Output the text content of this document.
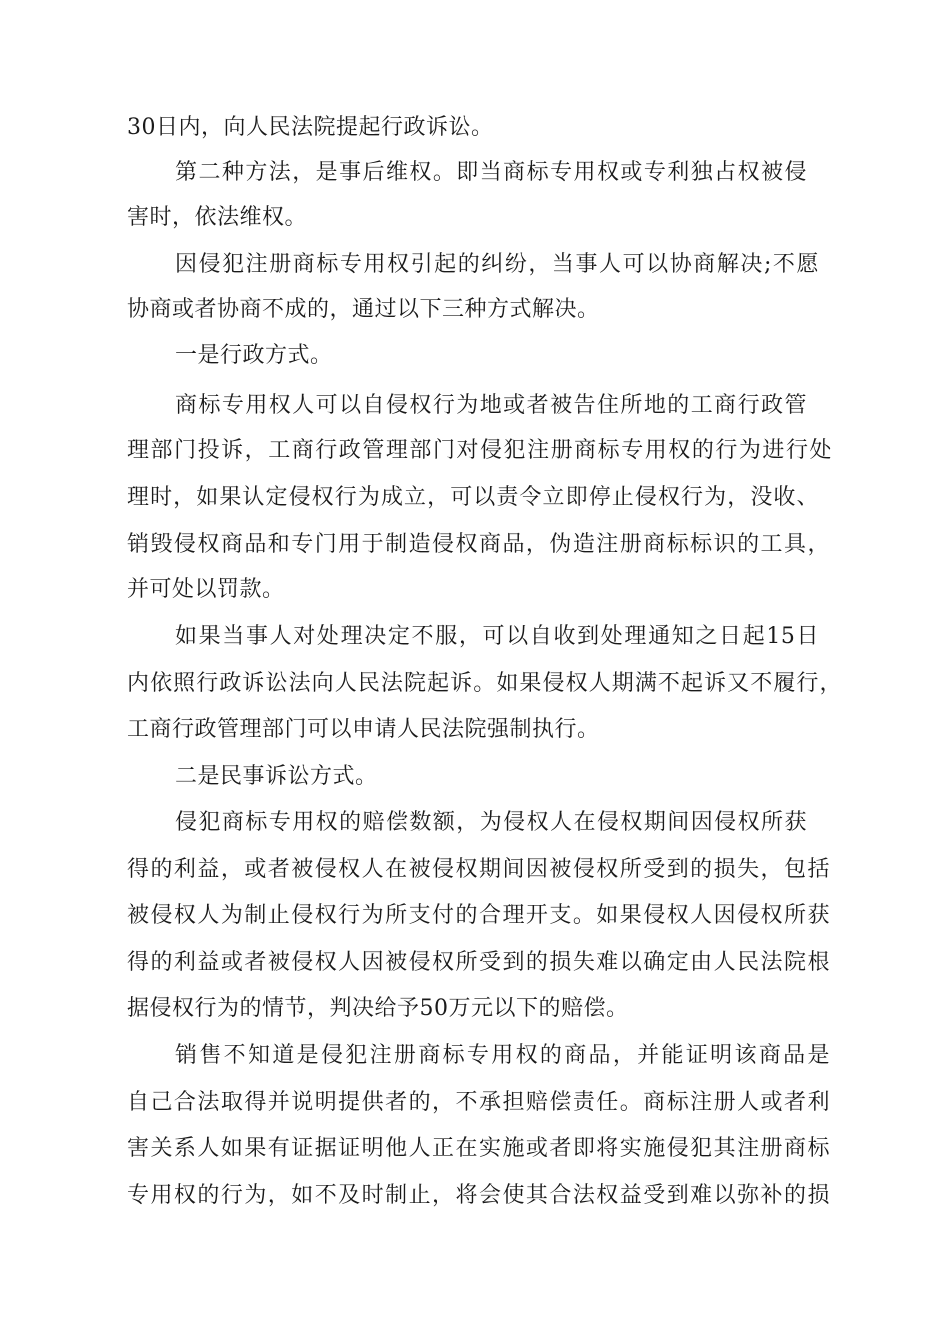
30日内，向人民法院提起行政诉讼。
第二种方法，是事后维权。即当商标专用权或专利独占权被侵
害时，依法维权。
因侵犯注册商标专用权引起的纠纷，当事人可以协商解决;不愿
协商或者协商不成的，通过以下三种方式解决。
一是行政方式。
商标专用权人可以自侵权行为地或者被告住所地的工商行政管
理部门投诉，工商行政管理部门对侵犯注册商标专用权的行为进行处
理时，如果认定侵权行为成立，可以责令立即停止侵权行为，没收、
销毁侵权商品和专门用于制造侵权商品，伪造注册商标标识的工具，
并可处以罚款。
如果当事人对处理决定不服，可以自收到处理通知之日起15日
内依照行政诉讼法向人民法院起诉。如果侵权人期满不起诉又不履行，
工商行政管理部门可以申请人民法院强制执行。
二是民事诉讼方式。
侵犯商标专用权的赔偿数额，为侵权人在侵权期间因侵权所获
得的利益，或者被侵权人在被侵权期间因被侵权所受到的损失，包括
被侵权人为制止侵权行为所支付的合理开支。如果侵权人因侵权所获
得的利益或者被侵权人因被侵权所受到的损失难以确定由人民法院根
据侵权行为的情节，判决给予50万元以下的赔偿。
销售不知道是侵犯注册商标专用权的商品，并能证明该商品是
自己合法取得并说明提供者的，不承担赔偿责任。商标注册人或者利
害关系人如果有证据证明他人正在实施或者即将实施侵犯其注册商标
专用权的行为，如不及时制止，将会使其合法权益受到难以弥补的损
